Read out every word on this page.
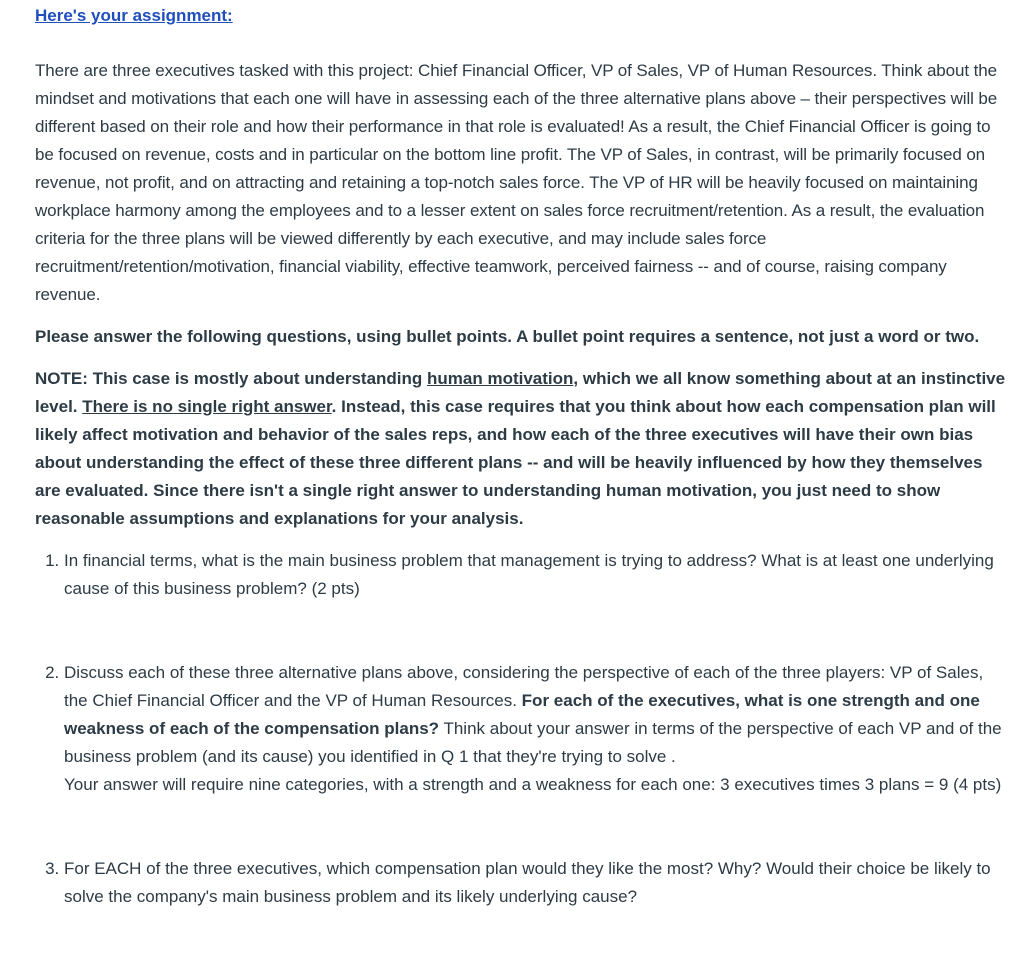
Here's your assignment:

There are three executives tasked with this project: Chief Financial Officer, VP of Sales, VP of Human Resources. Think about the mindset and motivations that each one will have in assessing each of the three alternative plans above – their perspectives will be different based on their role and how their performance in that role is evaluated! As a result, the Chief Financial Officer is going to be focused on revenue, costs and in particular on the bottom line profit. The VP of Sales, in contrast, will be primarily focused on revenue, not profit, and on attracting and retaining a top-notch sales force. The VP of HR will be heavily focused on maintaining workplace harmony among the employees and to a lesser extent on sales force recruitment/retention. As a result, the evaluation criteria for the three plans will be viewed differently by each executive, and may include sales force recruitment/retention/motivation, financial viability, effective teamwork, perceived fairness -- and of course, raising company revenue.

Please answer the following questions, using bullet points. A bullet point requires a sentence, not just a word or two.

NOTE: This case is mostly about understanding human motivation, which we all know something about at an instinctive level. There is no single right answer. Instead, this case requires that you think about how each compensation plan will likely affect motivation and behavior of the sales reps, and how each of the three executives will have their own bias about understanding the effect of these three different plans -- and will be heavily influenced by how they themselves are evaluated. Since there isn't a single right answer to understanding human motivation, you just need to show reasonable assumptions and explanations for your analysis.

1. In financial terms, what is the main business problem that management is trying to address? What is at least one underlying cause of this business problem? (2 pts)
2. Discuss each of these three alternative plans above, considering the perspective of each of the three players: VP of Sales, the Chief Financial Officer and the VP of Human Resources. For each of the executives, what is one strength and one weakness of each of the compensation plans? Think about your answer in terms of the perspective of each VP and of the business problem (and its cause) you identified in Q 1 that they're trying to solve .
Your answer will require nine categories, with a strength and a weakness for each one: 3 executives times 3 plans = 9 (4 pts)
3. For EACH of the three executives, which compensation plan would they like the most? Why? Would their choice be likely to solve the company's main business problem and its likely underlying cause?
